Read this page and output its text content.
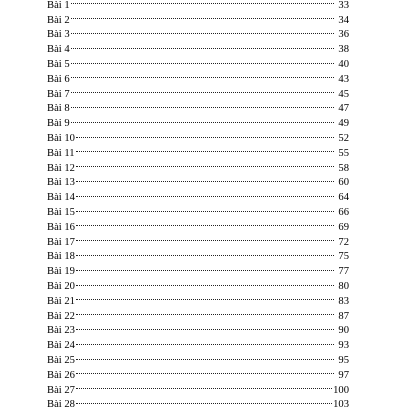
Bài 1	33
Bài 2	34
Bài 3	36
Bài 4	38
Bài 5	40
Bài 6	43
Bài 7	45
Bài 8	47
Bài 9	49
Bài 10	52
Bài 11	55
Bài 12	58
Bài 13	60
Bài 14	64
Bài 15	66
Bài 16	69
Bài 17	72
Bài 18	75
Bài 19	77
Bài 20	80
Bài 21	83
Bài 22	87
Bài 23	90
Bài 24	93
Bài 25	95
Bài 26	97
Bài 27	100
Bài 28	103
